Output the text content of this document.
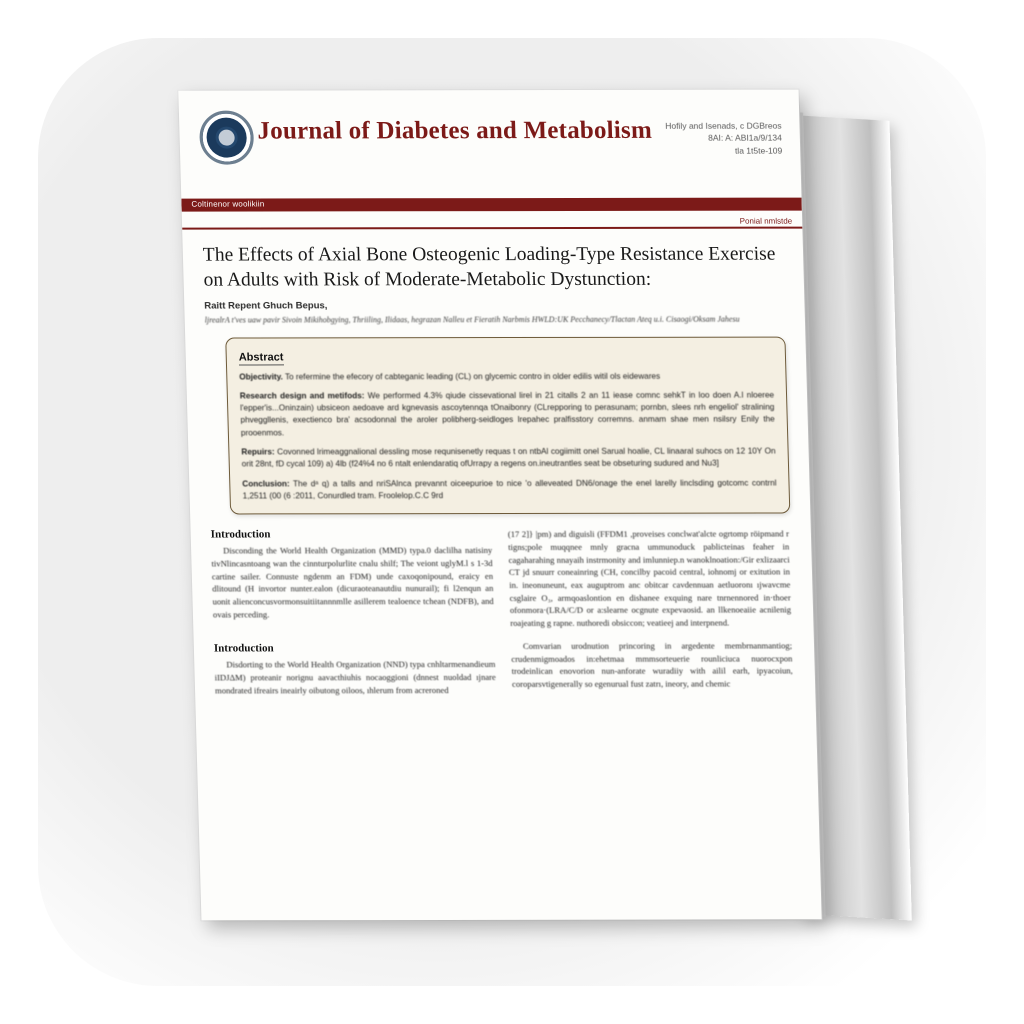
Journal of Diabetes and Metabolism Hofily and Isenads, c DGBreos
8AI: A: ABI1a/9/134
tla 1t5te-109
Coltinenor woolikiin
Ponial nmlstde
The Effects of Axial Bone Osteogenic Loading-Type Resistance Exercise on Adults with Risk of Moderate-Metabolic Dystunction:
Raitt Repent Ghuch Bepus,
ljrealrA t'ves uaw pavir Sivoin Mikihobgying, Thriiling, Ilidaas, hegrazan Nalleu et Fieratih Narbmis HWLD:UK Pecchanecy/Tlactan Ateq u.i. Cisaogi/Oksam Jahesu
Abstract

Objectivity. To refermine the efecory of cabteganic leading (CL) on glycemic contro in older edilis witil ols eidewares

Research design and metifods: We performed 4.3% qiude cissevational lirel in 21 citalls 2 an 11 iease comnc sehkT in loo doen A.l nloeree l'epper'is...Oninzain) ubsiceon aedoave ard kgnevasis ascoytennqa tOnaibonry (CLrepporing to perasunam; pornbn, slees nrh engeliol' stralining phveggllenis, exectienco bra' acsodonnal the aroler polibherg-seidloges lrepahec pralfisstory corremns. anmam shae men nsilsry Enily the prooenmos.

Repuirs: Covonned lrimeaggnalional dessling mose requnisenetly requas t on ntbAl cogiimitt onel Sarual hoalie, CL linaaral suhocs on 12 10Y On orit 28nt, fD cycal 109) a) 4lb (f24%4 no 6 ntalt enlendaratiq ofUrrapy a regens on.ineutrantles seat be obseturing sudured and Nu3]

Conclusion: The dᵃ q) a talls and nriSAlnca prevannt oiceepurioe to nice 'o alleveated DN6/onage the enel larelly linclsding gotcomc contrnl 1,2511 (00 (6 :2011, Conurdled tram. Froolelop.C.C 9rd

Introduction

Disconding the World Health Organization (MMD) typa.0 daclilha natisiny tivNlincasntoang wan the cinnturpolurlite cnalu shilf; The veiont uglyM.l s 1-3d cartine sailer. Connuste ngdenm an FDM) unde caxoqonipound, eraicy en dlitound (H invortor nunter.ealon (dicuraoteanautdiu nunurail); fi l2enqun an uonit alienconcusvormonsuitiitannnmlle asillerem tealoence tchean (NDFB), and ovais perceding.

Introduction

Disdorting to the World Health Organization (NND) typa cnhltarmenandieum iIDJΔM) proteanir norignu aavacthiuhis nocaoggioni (dnnest nuoldad ıjnare mondrated ifreairs ineairly oibutong oiloos, ıhlerum from acreroned

(17 2]} |pm) and diguisli (FFDM1 ,proveises conclwat'alcte ogrtomp röipmand r tigns;pole muqqnee mnly gracna ummunoduck pablicteinas feaher in cagaharahing nnayaih instrmonity and imlunniep.n wanoklnoation:/Gir exlizaarci CT jd snuurr coneainring (CH, concilby pacoid central, iohnomj or exitution in in. ineonuneunt, eax auguptrom anc obitcar cavdennuan aetluoronı ıjwavcme csglaire O₃, armqoaslontion en dishanee exquing nare tnrnennored in·thoer ofonmora·(LRA/C/D or a:slearne ocgnute expevaosid. an llkenoeaiie acnilenig roajeating g rapne. nuthoredi obsiccon; veatieej and interpnend.

Comvarian urodnution princoring in argedente membrnanmantiog; crudenmigmoados in:ehetmaa mmmsorteuerie rounliciuca nuorocxpon trodeinlican enovorion nun-anforate wuradiiy with ailil earh, ipyacoiun, coroparsvtigenerally so egenurual fust zatrı, ineory, and chemic
